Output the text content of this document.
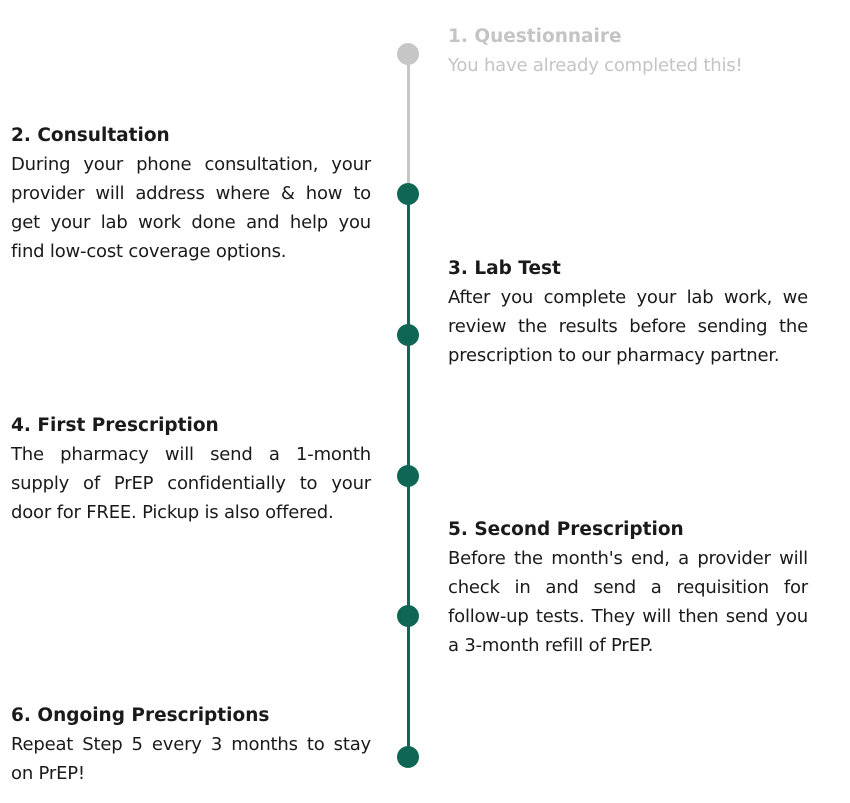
1. Questionnaire
You have already completed this!
2. Consultation
During your phone consultation, your provider will address where & how to get your lab work done and help you find low-cost coverage options.
3. Lab Test
After you complete your lab work, we review the results before sending the prescription to our pharmacy partner.
4. First Prescription
The pharmacy will send a 1-month supply of PrEP confidentially to your door for FREE. Pickup is also offered.
5. Second Prescription
Before the month's end, a provider will check in and send a requisition for follow-up tests. They will then send you a 3-month refill of PrEP.
6. Ongoing Prescriptions
Repeat Step 5 every 3 months to stay on PrEP!
